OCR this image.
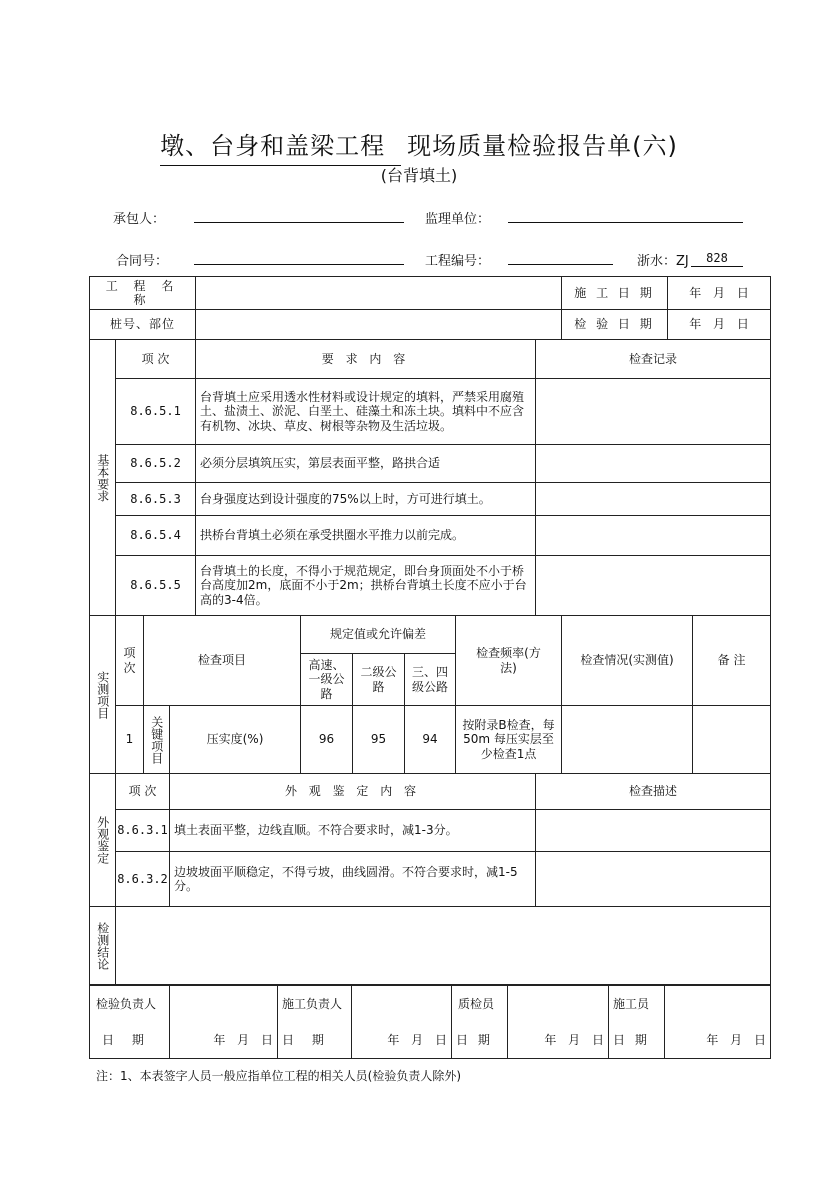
墩、台身和盖梁工程 现场质量检验报告单(六)
(台背填土)
承包人：	监理单位：
合同号：	工程编号：	浙水：ZJ	828
工 程 名 称										施 工 日 期	年 月 日	
桩号、部位										检 验 日 期	年 月 日	
基本要求	项 次			要 求 内 容					检查记录			
	8.6.5.1			台背填土应采用透水性材料或设计规定的填料，严禁采用腐殖土、盐渍土、淤泥、白垩土、硅藻土和冻土块。填料中不应含有机物、冰块、草皮、树根等杂物及生活垃圾。								
	8.6.5.2			必须分层填筑压实，第层表面平整，路拱合适								
	8.6.5.3			台身强度达到设计强度的75%以上时，方可进行填土。								
	8.6.5.4			拱桥台背填土必须在承受拱圈水平推力以前完成。								
	8.6.5.5			台背填土的长度，不得小于规范规定，即台身顶面处不小于桥台高度加2m，底面不小于2m；拱桥台背填土长度不应小于台高的3-4倍。								
实测项目	项次	检查项目			规定值或允许偏差			检查频率(方 法)		检查情况(实测值)		备 注
					高速、一级公路	二级公路	三、四级公路					
	1	关键项目	压实度(%)		96	95	94	按附录B检查，每50m 每压实层至少检查1点				
外观鉴定	项 次		外 观 鉴 定 内 容						检查描述			
	8.6.3.1		填土表面平整，边线直顺。不符合要求时，减1-3分。									
	8.6.3.2		边坡坡面平顺稳定，不得亏坡，曲线圆滑。不符合要求时，减1-5分。									
检测结论												
检验负责人		施工负责人		质检员		施工员	
日 期	年 月 日	日 期	年 月 日	日 期	年 月 日	日 期	年 月 日
注：1、本表签字人员一般应指单位工程的相关人员(检验负责人除外)
